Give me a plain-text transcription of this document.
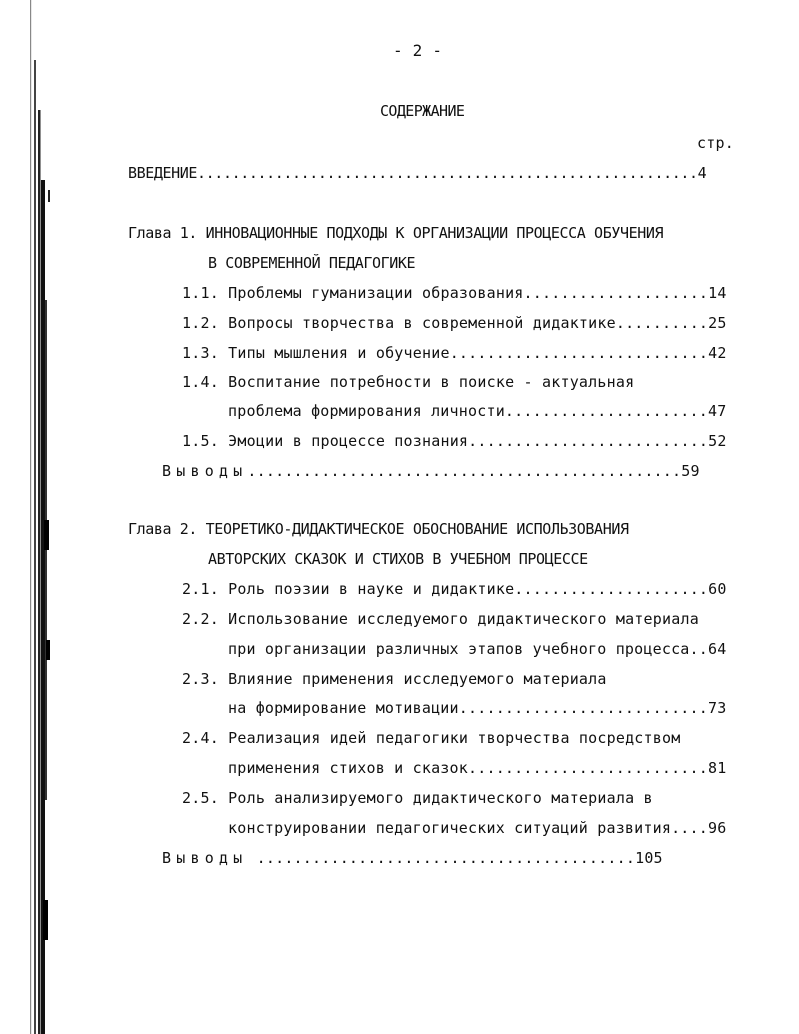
- 2 -
СОДЕРЖАНИЕ
стр.
ВВЕДЕНИЕ..........................................................4
Глава 1. ИННОВАЦИОННЫЕ ПОДХОДЫ К ОРГАНИЗАЦИИ ПРОЦЕССА ОБУЧЕНИЯ
В СОВРЕМЕННОЙ ПЕДАГОГИКЕ
1.1. Проблемы гуманизации образования....................14
1.2. Вопросы творчества в современной дидактике..........25
1.3. Типы мышления и обучение............................42
1.4. Воспитание потребности в поиске - актуальная
проблема формирования личности......................47
1.5. Эмоции в процессе познания..........................52
Выводы...............................................59
Глава 2. ТЕОРЕТИКО-ДИДАКТИЧЕСКОЕ ОБОСНОВАНИЕ ИСПОЛЬЗОВАНИЯ
АВТОРСКИХ СКАЗОК И СТИХОВ В УЧЕБНОМ ПРОЦЕССЕ
2.1. Роль поэзии в науке и дидактике.....................60
2.2. Использование исследуемого дидактического материала
при организации различных этапов учебного процесса..64
2.3. Влияние применения исследуемого материала
на формирование мотивации...........................73
2.4. Реализация идей педагогики творчества посредством
применения стихов и сказок..........................81
2.5. Роль анализируемого дидактического материала в
конструировании педагогических ситуаций развития....96
Выводы .........................................105
